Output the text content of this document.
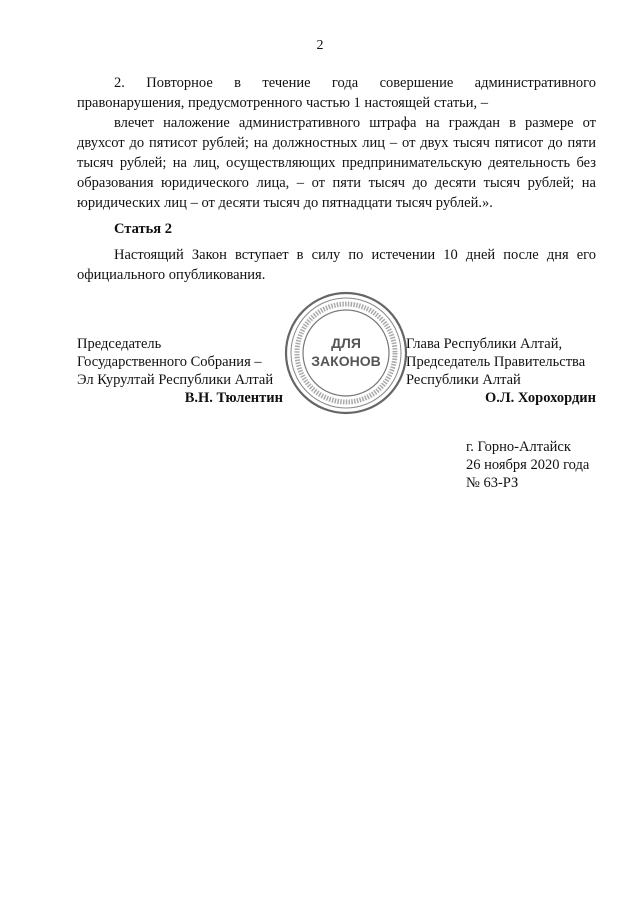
2

2. Повторное в течение года совершение административного правонарушения, предусмотренного частью 1 настоящей статьи, –

влечет наложение административного штрафа на граждан в размере от двухсот до пятисот рублей; на должностных лиц – от двух тысяч пятисот до пяти тысяч рублей; на лиц, осуществляющих предпринимательскую деятельность без образования юридического лица, – от пяти тысяч до десяти тысяч рублей; на юридических лиц – от десяти тысяч до пятнадцати тысяч рублей.».

Статья 2

Настоящий Закон вступает в силу по истечении 10 дней после дня его официального опубликования.

ДЛЯ
ЗАКОНОВ
Председатель
Государственного Собрания –
Эл Курултай Республики Алтай
В.Н. Тюлентин
Глава Республики Алтай,
Председатель Правительства
Республики Алтай
О.Л. Хорохордин
г. Горно-Алтайск
26 ноября 2020 года
№ 63-РЗ
